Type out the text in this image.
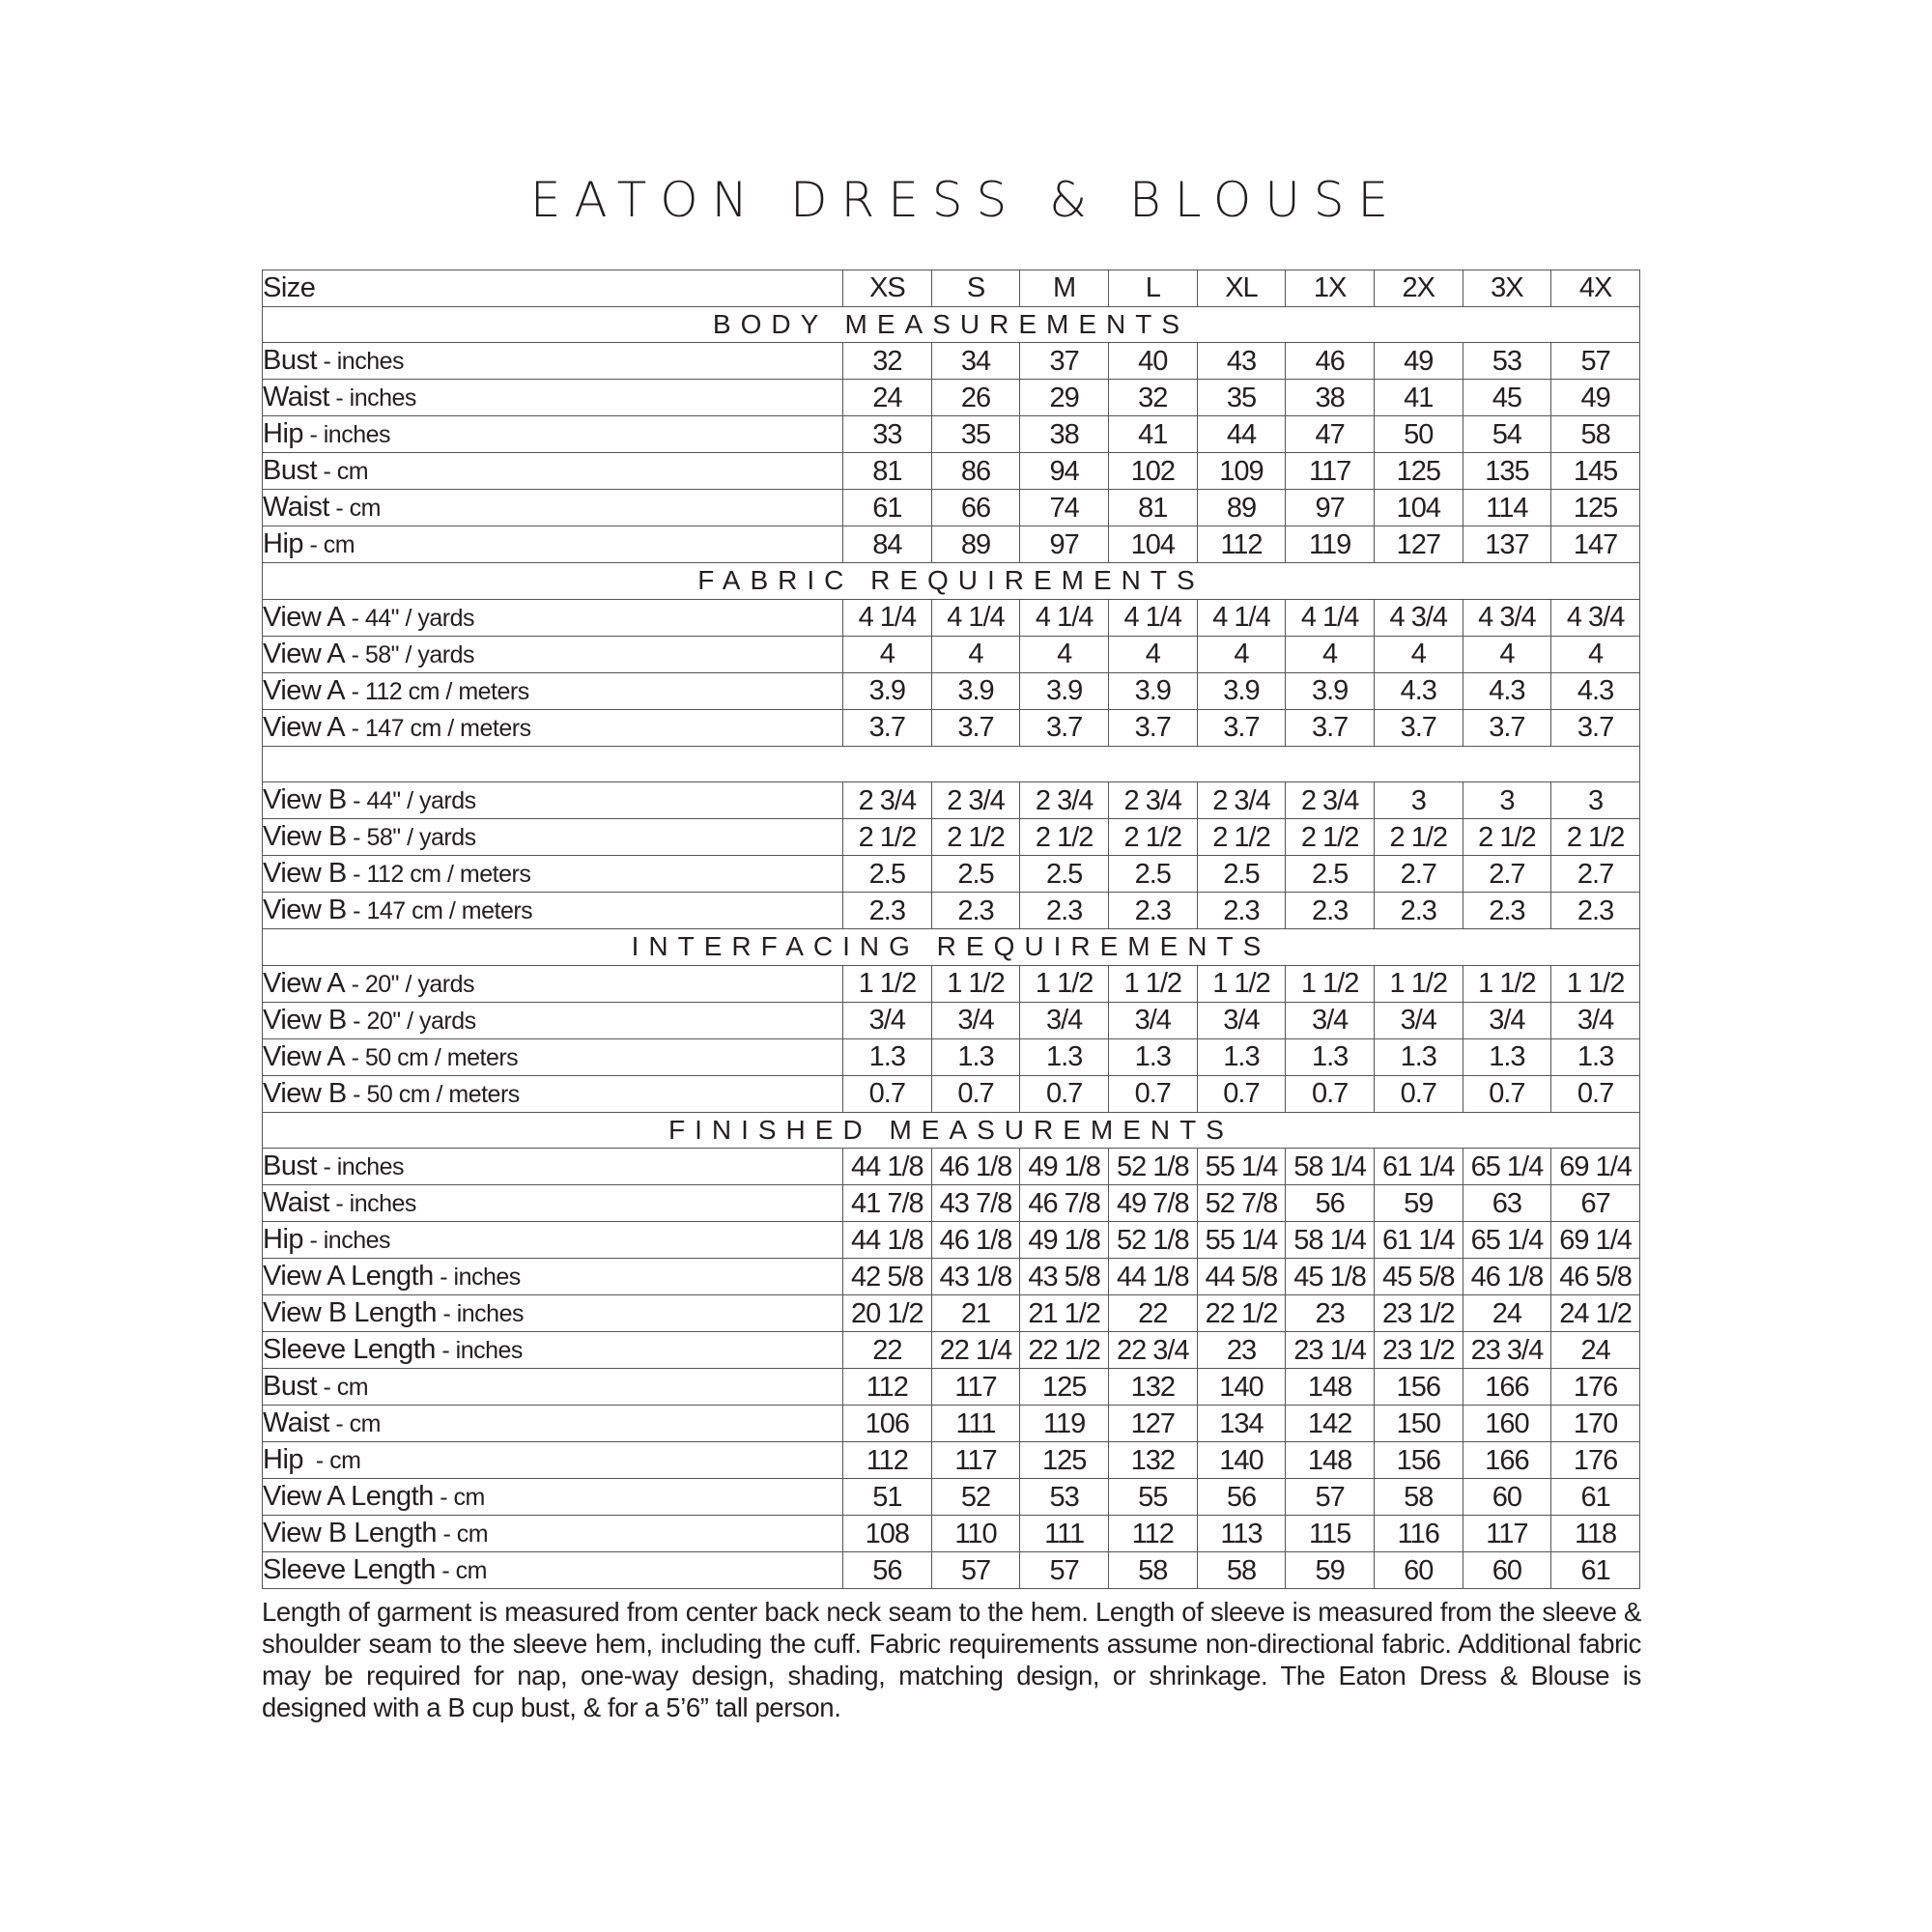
EATON DRESS & BLOUSE
Size	XS	S	M	L	XL	1X	2X	3X	4X
BODY MEASUREMENTS									
Bust - inches	32	34	37	40	43	46	49	53	57
Waist - inches	24	26	29	32	35	38	41	45	49
Hip - inches	33	35	38	41	44	47	50	54	58
Bust - cm	81	86	94	102	109	117	125	135	145
Waist - cm	61	66	74	81	89	97	104	114	125
Hip - cm	84	89	97	104	112	119	127	137	147
FABRIC REQUIREMENTS									
View A - 44" / yards	4 1/4	4 1/4	4 1/4	4 1/4	4 1/4	4 1/4	4 3/4	4 3/4	4 3/4
View A - 58" / yards	4	4	4	4	4	4	4	4	4
View A - 112 cm / meters	3.9	3.9	3.9	3.9	3.9	3.9	4.3	4.3	4.3
View A - 147 cm / meters	3.7	3.7	3.7	3.7	3.7	3.7	3.7	3.7	3.7

View B - 44" / yards	2 3/4	2 3/4	2 3/4	2 3/4	2 3/4	2 3/4	3	3	3
View B - 58" / yards	2 1/2	2 1/2	2 1/2	2 1/2	2 1/2	2 1/2	2 1/2	2 1/2	2 1/2
View B - 112 cm / meters	2.5	2.5	2.5	2.5	2.5	2.5	2.7	2.7	2.7
View B - 147 cm / meters	2.3	2.3	2.3	2.3	2.3	2.3	2.3	2.3	2.3
INTERFACING REQUIREMENTS									
View A - 20" / yards	1 1/2	1 1/2	1 1/2	1 1/2	1 1/2	1 1/2	1 1/2	1 1/2	1 1/2
View B - 20" / yards	3/4	3/4	3/4	3/4	3/4	3/4	3/4	3/4	3/4
View A - 50 cm / meters	1.3	1.3	1.3	1.3	1.3	1.3	1.3	1.3	1.3
View B - 50 cm / meters	0.7	0.7	0.7	0.7	0.7	0.7	0.7	0.7	0.7
FINISHED MEASUREMENTS									
Bust - inches	44 1/8	46 1/8	49 1/8	52 1/8	55 1/4	58 1/4	61 1/4	65 1/4	69 1/4
Waist - inches	41 7/8	43 7/8	46 7/8	49 7/8	52 7/8	56	59	63	67
Hip - inches	44 1/8	46 1/8	49 1/8	52 1/8	55 1/4	58 1/4	61 1/4	65 1/4	69 1/4
View A Length - inches	42 5/8	43 1/8	43 5/8	44 1/8	44 5/8	45 1/8	45 5/8	46 1/8	46 5/8
View B Length - inches	20 1/2	21	21 1/2	22	22 1/2	23	23 1/2	24	24 1/2
Sleeve Length - inches	22	22 1/4	22 1/2	22 3/4	23	23 1/4	23 1/2	23 3/4	24
Bust - cm	112	117	125	132	140	148	156	166	176
Waist - cm	106	111	119	127	134	142	150	160	170
Hip  - cm	112	117	125	132	140	148	156	166	176
View A Length - cm	51	52	53	55	56	57	58	60	61
View B Length - cm	108	110	111	112	113	115	116	117	118
Sleeve Length - cm	56	57	57	58	58	59	60	60	61
Length of garment is measured from center back neck seam to the hem. Length of sleeve is measured from the sleeve & shoulder seam to the sleeve hem, including the cuff. Fabric requirements assume non-directional fabric. Additional fabric may be required for nap, one-way design, shading, matching design, or shrinkage. The Eaton Dress & Blouse is designed with a B cup bust, & for a 5’6” tall person.
